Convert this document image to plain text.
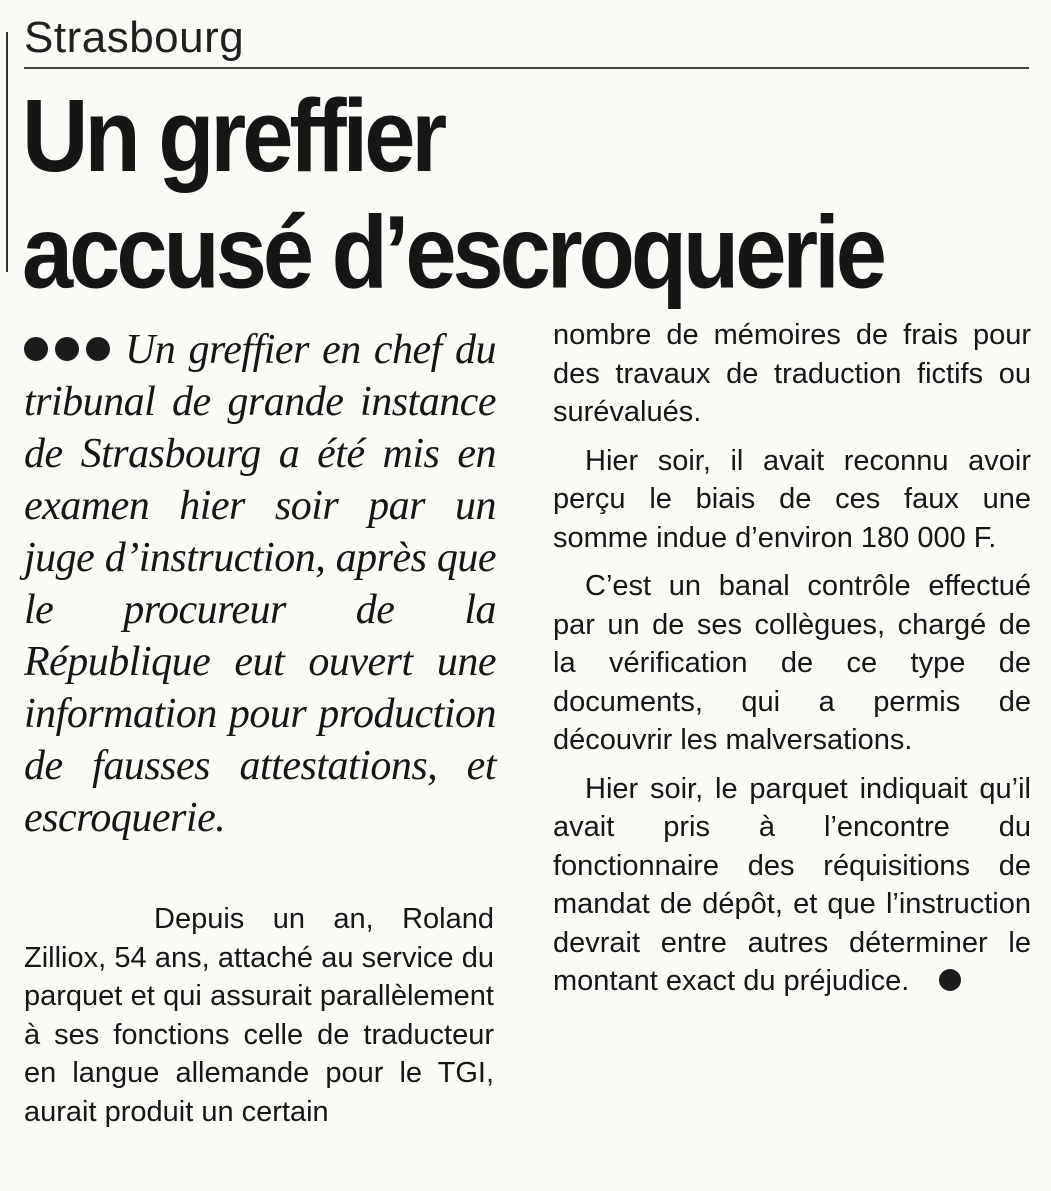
Strasbourg
Un greffier
accusé d’escroquerie

Un greffier en chef du tribunal de grande instance de Strasbourg a été mis en examen hier soir par un juge d’instruction, après que le procureur de la République eut ouvert une information pour production de fausses attestations, et escroquerie.

Depuis un an, Roland Zilliox, 54 ans, attaché au service du parquet et qui assurait parallèlement à ses fonctions celle de traducteur en langue allemande pour le TGI, aurait produit un certain

nombre de mémoires de frais pour des travaux de traduction fictifs ou surévalués.

Hier soir, il avait reconnu avoir perçu le biais de ces faux une somme indue d’environ 180 000 F.

C’est un banal contrôle effectué par un de ses collègues, chargé de la vérification de ce type de documents, qui a permis de découvrir les malversations.

Hier soir, le parquet indiquait qu’il avait pris à l’encontre du fonctionnaire des réquisitions de mandat de dépôt, et que l’instruction devrait entre autres déterminer le montant exact du préjudice.
